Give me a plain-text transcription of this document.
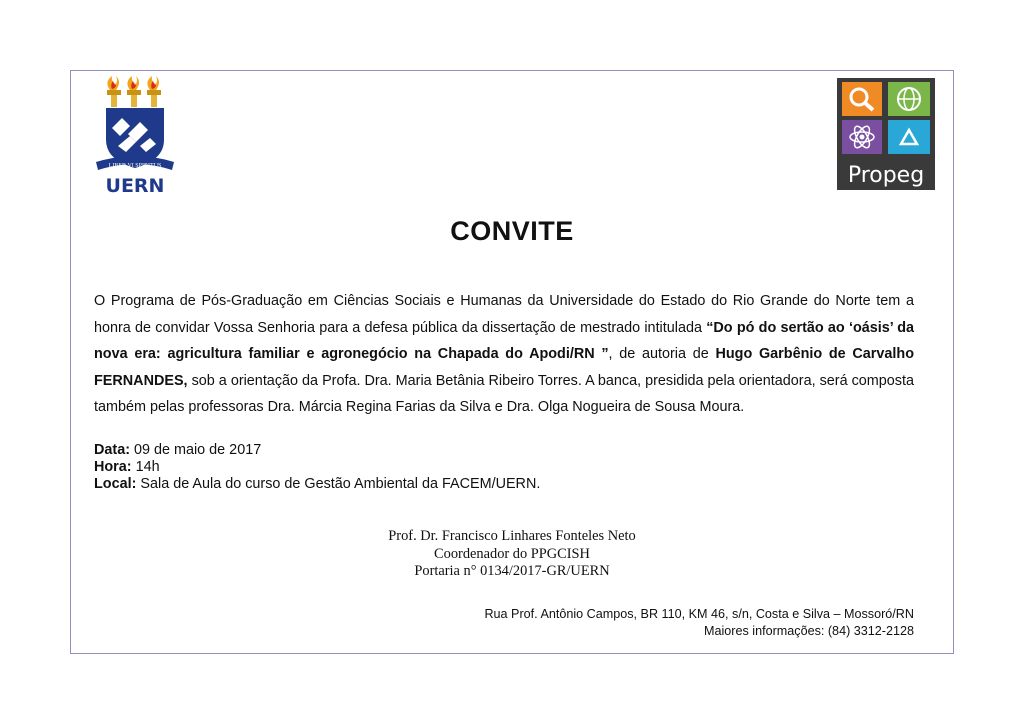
LIBER VI SPIRITUS
UERN	Propeg
CONVITE
O Programa de Pós-Graduação em Ciências Sociais e Humanas da Universidade do Estado do Rio Grande do Norte tem a honra de convidar Vossa Senhoria para a defesa pública da dissertação de mestrado intitulada “Do pó do sertão ao ‘oásis’ da nova era: agricultura familiar e agronegócio na Chapada do Apodi/RN ”, de autoria de Hugo Garbênio de Carvalho FERNANDES, sob a orientação da Profa. Dra. Maria Betânia Ribeiro Torres. A banca, presidida pela orientadora, será composta também pelas professoras Dra. Márcia Regina Farias da Silva e Dra. Olga Nogueira de Sousa Moura.
Data: 09 de maio de 2017
Hora: 14h
Local: Sala de Aula do curso de Gestão Ambiental da FACEM/UERN.
Prof. Dr. Francisco Linhares Fonteles Neto
Coordenador do PPGCISH
Portaria n° 0134/2017-GR/UERN
Rua Prof. Antônio Campos, BR 110, KM 46, s/n, Costa e Silva – Mossoró/RN
Maiores informações: (84) 3312-2128
